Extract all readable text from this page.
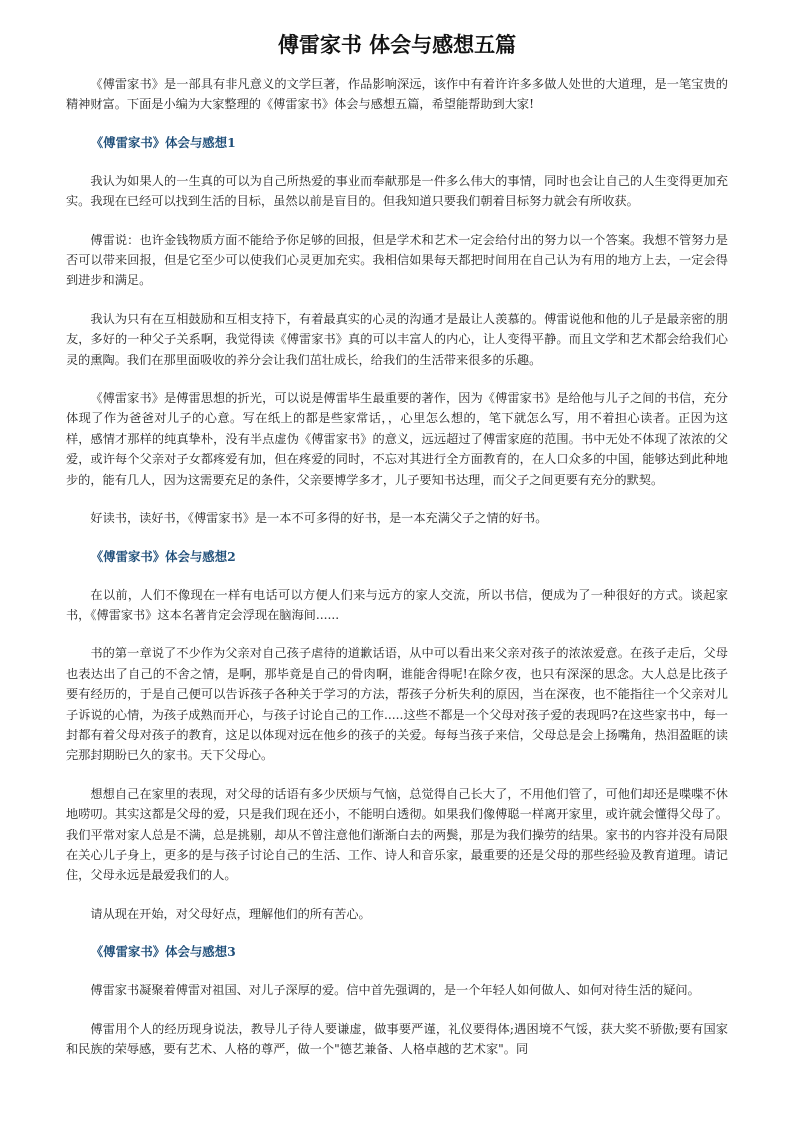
傅雷家书 体会与感想五篇

《傅雷家书》是一部具有非凡意义的文学巨著，作品影响深远，该作中有着许许多多做人处世的大道理，是一笔宝贵的精神财富。下面是小编为大家整理的《傅雷家书》体会与感想五篇，希望能帮助到大家!

《傅雷家书》体会与感想1

我认为如果人的一生真的可以为自己所热爱的事业而奉献那是一件多么伟大的事情，同时也会让自己的人生变得更加充实。我现在已经可以找到生活的目标，虽然以前是盲目的。但我知道只要我们朝着目标努力就会有所收获。

傅雷说：也许金钱物质方面不能给予你足够的回报，但是学术和艺术一定会给付出的努力以一个答案。我想不管努力是否可以带来回报，但是它至少可以使我们心灵更加充实。我相信如果每天都把时间用在自己认为有用的地方上去，一定会得到进步和满足。

我认为只有在互相鼓励和互相支持下，有着最真实的心灵的沟通才是最让人羡慕的。傅雷说他和他的儿子是最亲密的朋友，多好的一种父子关系啊，我觉得读《傅雷家书》真的可以丰富人的内心，让人变得平静。而且文学和艺术都会给我们心灵的熏陶。我们在那里面吸收的养分会让我们茁壮成长，给我们的生活带来很多的乐趣。

《傅雷家书》是傅雷思想的折光，可以说是傅雷毕生最重要的著作，因为《傅雷家书》是给他与儿子之间的书信，充分体现了作为爸爸对儿子的心意。写在纸上的都是些家常话，，心里怎么想的，笔下就怎么写，用不着担心读者。正因为这样，感情才那样的纯真挚朴，没有半点虚伪《傅雷家书》的意义，远远超过了傅雷家庭的范围。书中无处不体现了浓浓的父爱，或许每个父亲对子女都疼爱有加，但在疼爱的同时，不忘对其进行全方面教育的，在人口众多的中国，能够达到此种地步的，能有几人，因为这需要充足的条件，父亲要博学多才，儿子要知书达理，而父子之间更要有充分的默契。

好读书，读好书，《傅雷家书》是一本不可多得的好书，是一本充满父子之情的好书。

《傅雷家书》体会与感想2

在以前，人们不像现在一样有电话可以方便人们来与远方的家人交流，所以书信，便成为了一种很好的方式。谈起家书，《傅雷家书》这本名著肯定会浮现在脑海间......

书的第一章说了不少作为父亲对自己孩子虐待的道歉话语，从中可以看出来父亲对孩子的浓浓爱意。在孩子走后，父母也表达出了自己的不舍之情，是啊，那毕竟是自己的骨肉啊，谁能舍得呢!在除夕夜，也只有深深的思念。大人总是比孩子要有经历的，于是自己便可以告诉孩子各种关于学习的方法，帮孩子分析失利的原因，当在深夜，也不能指往一个父亲对儿子诉说的心情，为孩子成熟而开心，与孩子讨论自己的工作.....这些不都是一个父母对孩子爱的表现吗?在这些家书中，每一封都有着父母对孩子的教育，这足以体现对远在他乡的孩子的关爱。每每当孩子来信，父母总是会上扬嘴角，热泪盈眶的读完那封期盼已久的家书。天下父母心。

想想自己在家里的表现，对父母的话语有多少厌烦与气恼，总觉得自己长大了，不用他们管了，可他们却还是喋喋不休地唠叨。其实这都是父母的爱，只是我们现在还小，不能明白透彻。如果我们像傅聪一样离开家里，或许就会懂得父母了。我们平常对家人总是不满，总是挑剔，却从不曾注意他们渐渐白去的两鬓，那是为我们操劳的结果。家书的内容并没有局限在关心儿子身上，更多的是与孩子讨论自己的生活、工作、诗人和音乐家，最重要的还是父母的那些经验及教育道理。请记住，父母永远是最爱我们的人。

请从现在开始，对父母好点，理解他们的所有苦心。

《傅雷家书》体会与感想3

傅雷家书凝聚着傅雷对祖国、对儿子深厚的爱。信中首先强调的，是一个年轻人如何做人、如何对待生活的疑问。

傅雷用个人的经历现身说法，教导儿子待人要谦虚，做事要严谨，礼仪要得体;遇困境不气馁，获大奖不骄傲;要有国家和民族的荣辱感，要有艺术、人格的尊严，做一个"德艺兼备、人格卓越的艺术家"。同
